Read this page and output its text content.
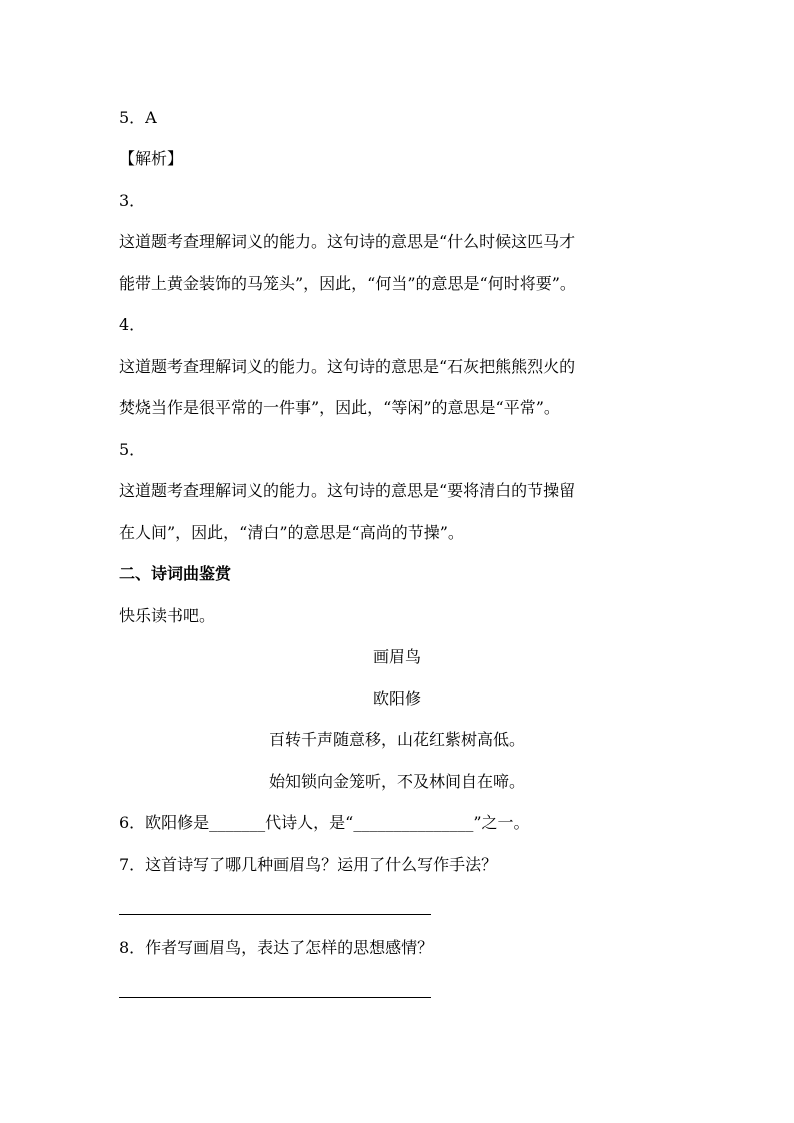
5．A
【解析】
3．
这道题考查理解词义的能力。这句诗的意思是“什么时候这匹马才
能带上黄金装饰的马笼头”，因此，“何当”的意思是“何时将要”。
4．
这道题考查理解词义的能力。这句诗的意思是“石灰把熊熊烈火的
焚烧当作是很平常的一件事”，因此，“等闲”的意思是“平常”。
5．
这道题考查理解词义的能力。这句诗的意思是“要将清白的节操留
在人间”，因此，“清白”的意思是“高尚的节操”。
二、诗词曲鉴赏
快乐读书吧。
画眉鸟
欧阳修
百转千声随意移，山花红紫树高低。
始知锁向金笼听，不及林间自在啼。
6．欧阳修是_______代诗人，是“_______________”之一。
7．这首诗写了哪几种画眉鸟？运用了什么写作手法？
8．作者写画眉鸟，表达了怎样的思想感情？
